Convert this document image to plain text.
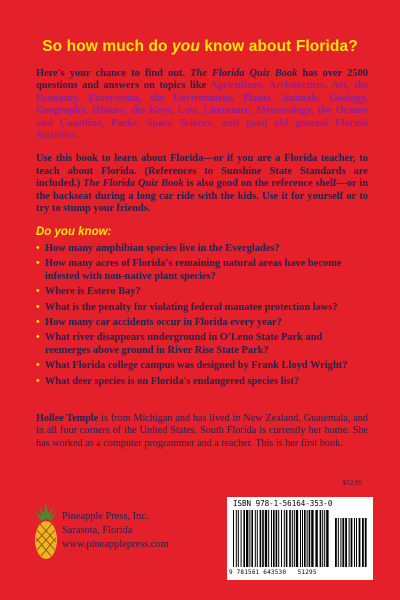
So how much do you know about Florida?

Here's your chance to find out. The Florida Quiz Book has over 2500 questions and answers on topics like Agriculture, Architecture, Art, the Economy, Ecosystems, the Environment, Plants, Animals, Geology, Geography, History, the Keys, Law, Literature, Meteorology, the Oceans and Coastline, Parks, Space Science, and good old general Florida Statistics.

Use this book to learn about Florida—or if you are a Florida teacher, to teach about Florida. (References to Sunshine State Standards are included.) The Florida Quiz Book is also good on the reference shelf—or in the backseat during a long car ride with the kids. Use it for yourself or to try to stump your friends.

Do you know:
• How many amphibian species live in the Everglades?
• How many acres of Florida's remaining natural areas have become infested with non-native plant species?
• Where is Estero Bay?
• What is the penalty for violating federal manatee protection laws?
• How many car accidents occur in Florida every year?
• What river disappears underground in O'Leno State Park and reemerges above ground in River Rise State Park?
• What Florida college campus was designed by Frank Lloyd Wright?
• What deer species is on Florida's endangered species list?
Hollee Temple is from Michigan and has lived in New Zealand, Guatemala, and in all four corners of the United States. South Florida is currently her home. She has worked as a computer programmer and a teacher. This is her first book.
$12.95
Pineapple Press, Inc.
Sarasota, Florida
www.pineapplepress.com
ISBN 978-1-56164-353-0
9 781561 643530 51295
